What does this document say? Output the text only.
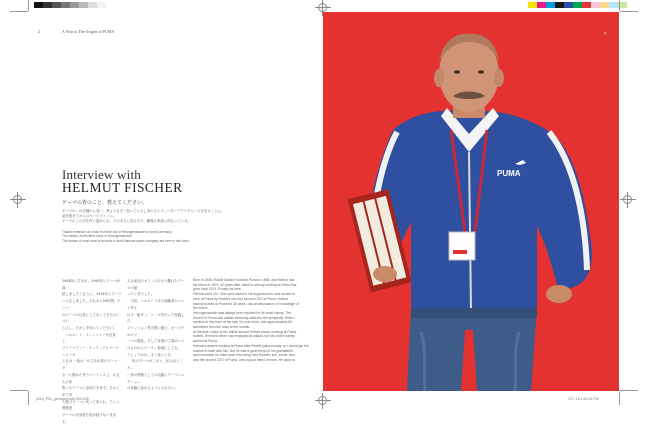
2	A Visit to The Origins of PUMA
Interview with
HELMUT FISCHER
ゲーマの皆のこと、教えてください。
ゲーマのこの店舗から近い、僕よりも古く知っているし実のるエフィーガーデアリギャンスを見ることに。
話を進まてからはペーツファンエ。
ゲーマのこの店を作っ進められ、その本当に見る天で、難後の家族に何もっている。
Thanks entertain our Iman from the city of Herzogenaurach to world-Germany.
The visited, and thrilled many of Herzogenaurach.
The stories of most most to become a world-famous sports company are here in heir town.
1948年に生まれ、1949年にゲーマが誕
数しましたてさらに、1974年にプーマ
ハ入社しました。それから50年間、ゲーマ
のゲーマの社員として走ってきたのについ
てにし、たかしを知ってください。
　ヘルムート・フィッシャー氏出身　し
ファーマティー・ゲッティグとマーケンメーカ
ともは 一夜は一の文あれ業のプーマ・オ
カーに勤めたまでパーミッスし、お互人が来
集ったテーマに参加できます。そのこまで来
た遊びプーマに戻って来られ、ちくに関係者
プーマの出身者を見が続けないまます。
人は前社のオフィスの分と離れたプーマの最
ったとまでした。
　当初、ヘルムート氏の前職者のいとと考え
はラ一組タッ、シーズを行って再確した。
ファッション界を関い通じ、オリジナルのプ
ーマの製品、そして家業の工場のへと
みるのからビーチ」地域にしても、
でしょうかの、オリ近いとき、
　「私のプーマがこのと、私は出ところ…
一体の関係としての活動にプーマコレクション
の体験に参わるように入れたい。
Born in 1948, Rudolf Dassler founded Puma in 1948, and Helmut had
his return in 1974. 40 years later, there is nobody working at Puma that
goes back 1974. Except his here.
Helmut had's 40+. Born and raised in Herzogenaurach, was moved to
work at Puma by Rudolf's son and second CEO of Puma. Helmut
having worked at Puma for 35 years, has an abundance of knowledge of
the brand.
Herzogenaurach was always been reputed for its small history. The
ancient of Puma and adidas obviously added to the prosperity. When I
mention in this town at the late, it's over there, just approximately 80
kilometers from the town at the rounds.
At the time, many of the adults around Helmut shown working at Puma.
Indeed, Helmut's father has employed at adidas, but his uncle's family
worked at Puma.
Helmut's dreams working at Puma after Rudolf passed away, so I would get the
chance to work with him. But he was a good friend of his grandfather,
and remember he often seen him being. And Rudolf's son, Armin, who
was the second CEO of Puma, was a good friend of mine. He used to
p004_P01_germany.indd 004-005
PUMA
3
13.7.16 4:00:14 PM
